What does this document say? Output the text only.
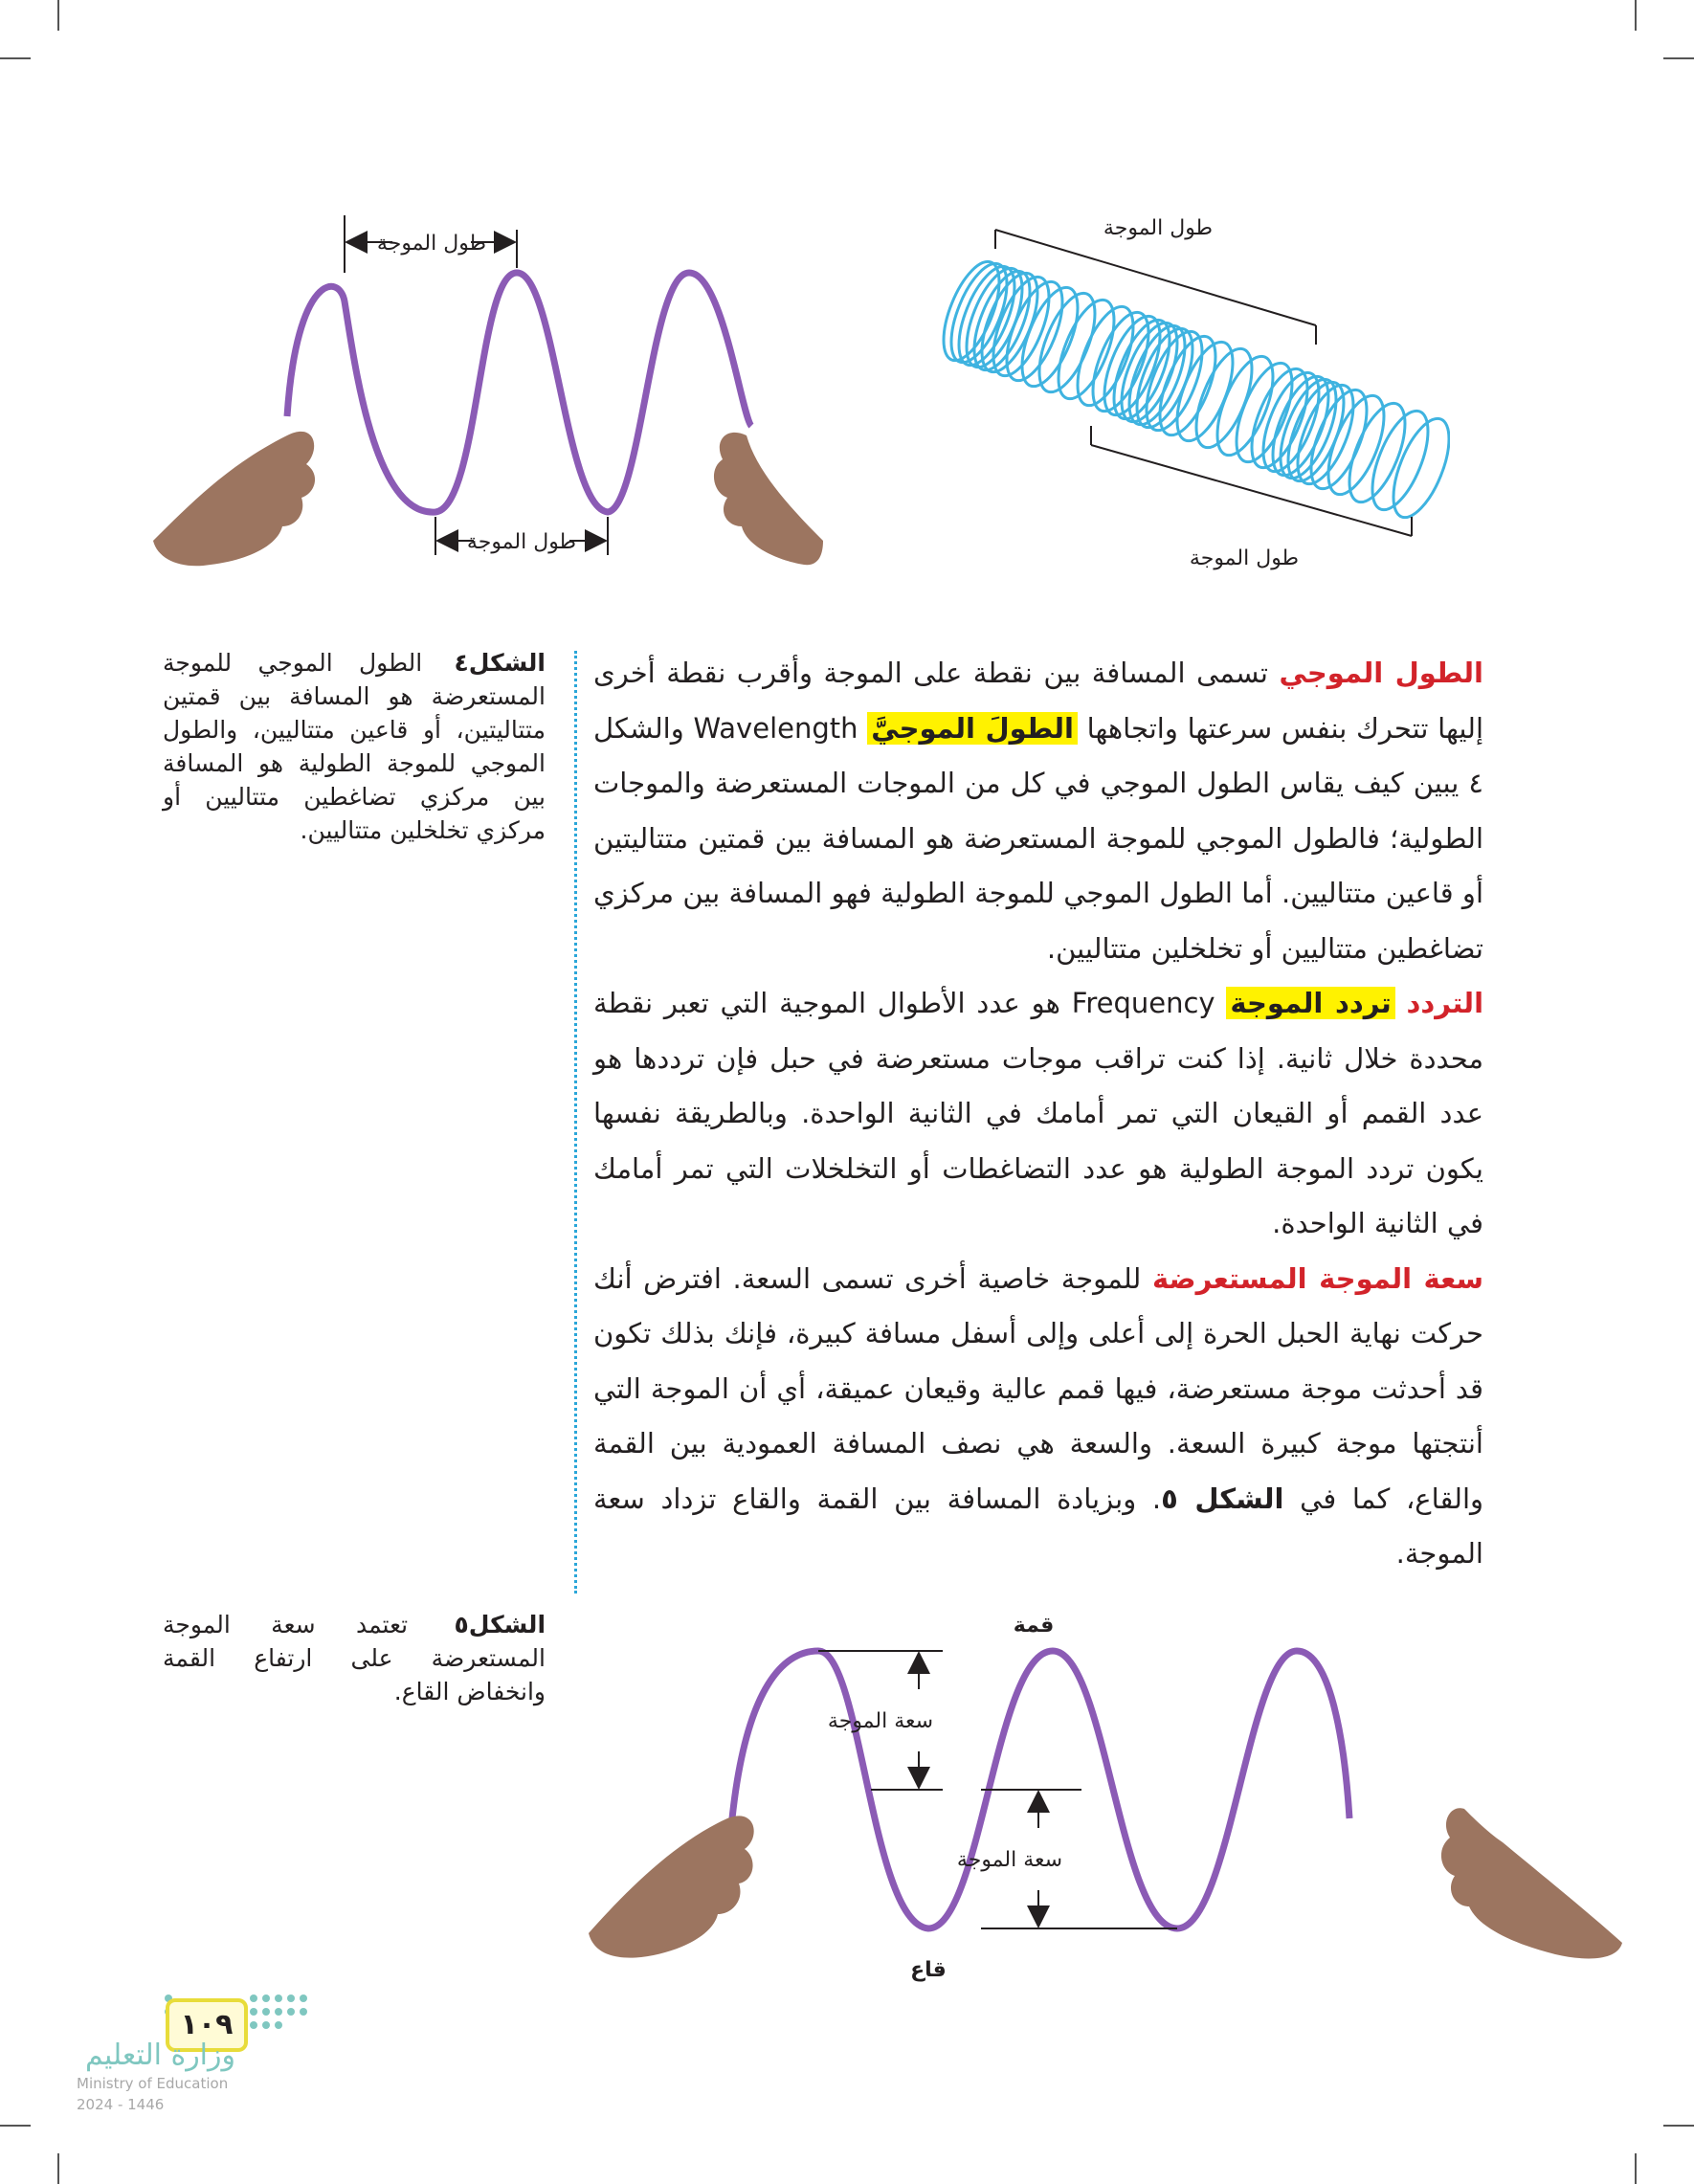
طول الموجة
طول الموجة
طول الموجة
طول الموجة
الشكل٤ الطول الموجي للموجة المستعرضة هو المسافة بين قمتين متتاليتين، أو قاعين متتاليين، والطول الموجي للموجة الطولية هو المسافة بين مركزي تضاغطين متتاليين أو مركزي تخلخلين متتاليين.

الطول الموجي تسمى المسافة بين نقطة على الموجة وأقرب نقطة أخرى إليها تتحرك بنفس سرعتها واتجاهها الطولَ الموجيَّ Wavelength والشكل ٤ يبين كيف يقاس الطول الموجي في كل من الموجات المستعرضة والموجات الطولية؛ فالطول الموجي للموجة المستعرضة هو المسافة بين قمتين متتاليتين أو قاعين متتاليين. أما الطول الموجي للموجة الطولية فهو المسافة بين مركزي تضاغطين متتاليين أو تخلخلين متتاليين.

التردد تردد الموجة Frequency هو عدد الأطوال الموجية التي تعبر نقطة محددة خلال ثانية. إذا كنت تراقب موجات مستعرضة في حبل فإن ترددها هو عدد القمم أو القيعان التي تمر أمامك في الثانية الواحدة. وبالطريقة نفسها يكون تردد الموجة الطولية هو عدد التضاغطات أو التخلخلات التي تمر أمامك في الثانية الواحدة.

سعة الموجة المستعرضة للموجة خاصية أخرى تسمى السعة. افترض أنك حركت نهاية الحبل الحرة إلى أعلى وإلى أسفل مسافة كبيرة، فإنك بذلك تكون قد أحدثت موجة مستعرضة، فيها قمم عالية وقيعان عميقة، أي أن الموجة التي أنتجتها موجة كبيرة السعة. والسعة هي نصف المسافة العمودية بين القمة والقاع، كما في الشكل ٥. وبزيادة المسافة بين القمة والقاع تزداد سعة الموجة.

الشكل٥ تعتمد سعة الموجة المستعرضة على ارتفاع القمة وانخفاض القاع.
قمة
سعة الموجة
سعة الموجة
قاع
١٠٩
وزارة التعليم
Ministry of Education
2024 - 1446
